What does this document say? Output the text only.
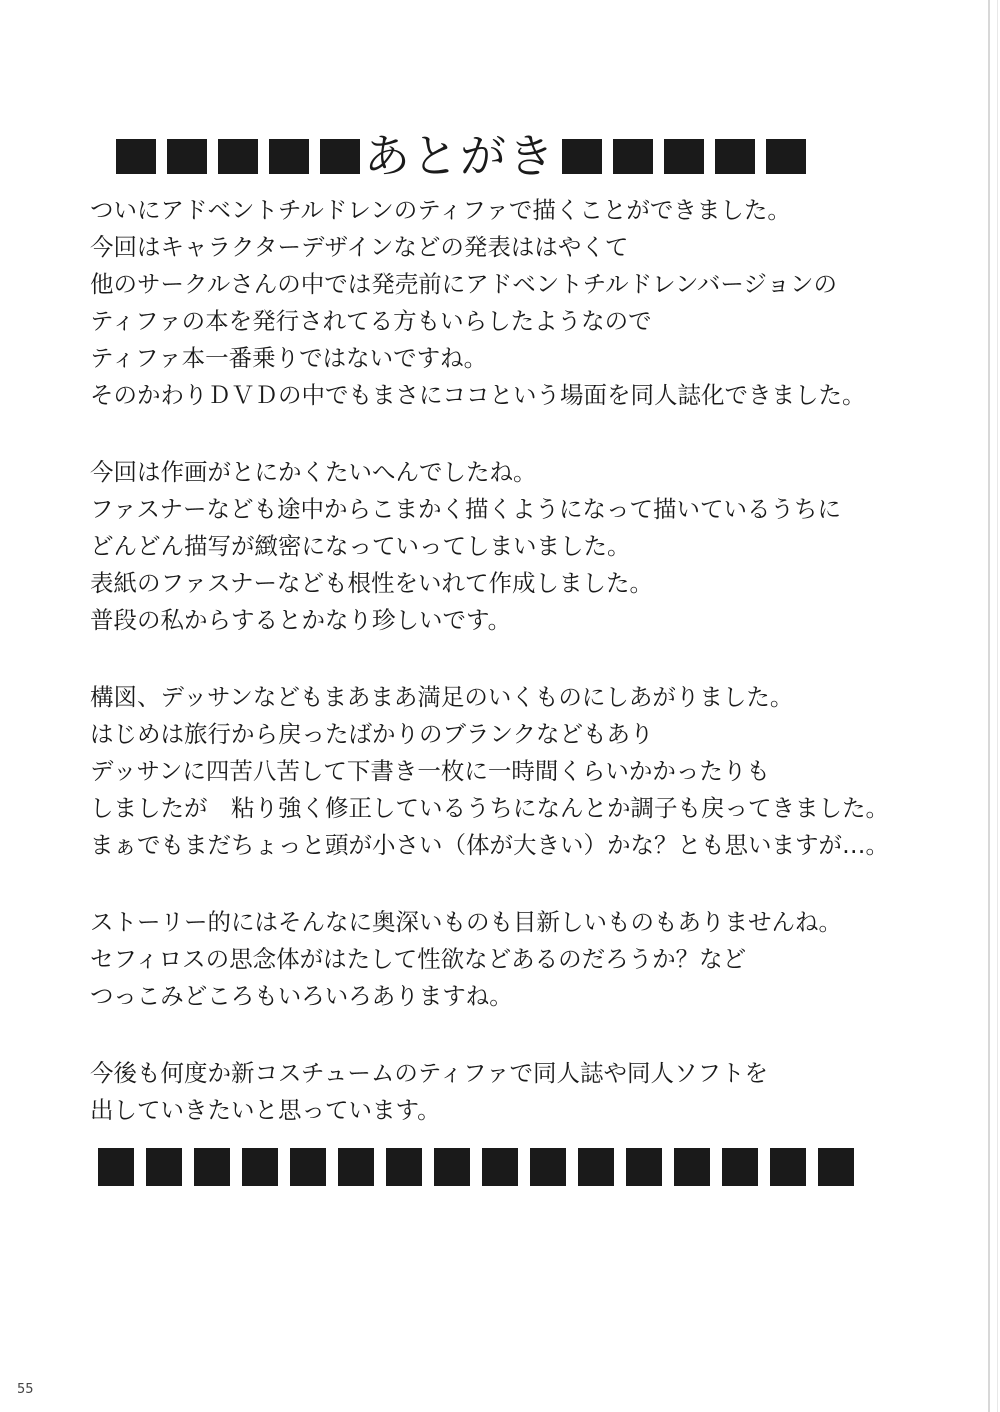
あとがき

ついにアドベントチルドレンのティファで描くことができました。

今回はキャラクターデザインなどの発表ははやくて

他のサークルさんの中では発売前にアドベントチルドレンバージョンの

ティファの本を発行されてる方もいらしたようなので

ティファ本一番乗りではないですね。

そのかわりＤＶＤの中でもまさにココという場面を同人誌化できました。

今回は作画がとにかくたいへんでしたね。

ファスナーなども途中からこまかく描くようになって描いているうちに

どんどん描写が緻密になっていってしまいました。

表紙のファスナーなども根性をいれて作成しました。

普段の私からするとかなり珍しいです。

構図、デッサンなどもまあまあ満足のいくものにしあがりました。

はじめは旅行から戻ったばかりのブランクなどもあり

デッサンに四苦八苦して下書き一枚に一時間くらいかかったりも

しましたが　粘り強く修正しているうちになんとか調子も戻ってきました。

まぁでもまだちょっと頭が小さい（体が大きい）かな？とも思いますが…。

ストーリー的にはそんなに奥深いものも目新しいものもありませんね。

セフィロスの思念体がはたして性欲などあるのだろうか？など

つっこみどころもいろいろありますね。

今後も何度か新コスチュームのティファで同人誌や同人ソフトを

出していきたいと思っています。

55
